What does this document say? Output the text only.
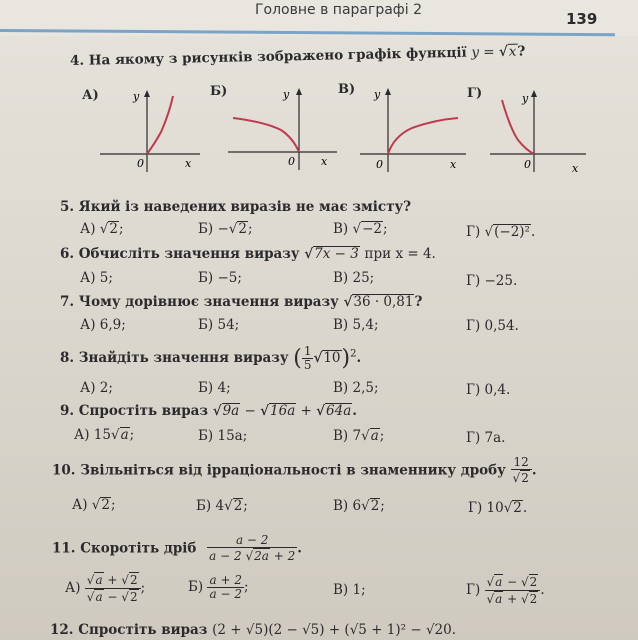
Головне в параграфі 2	139
4. На якому з рисунків зображено графік функції y = √x?
А)	Б)	В)	Г)
y
0	x
y
0 x
y
0	x
y
0	x
5. Який із наведених виразів не має змісту?
А) √2;	Б) −√2;	В) √−2;	Г) √(−2)².
6. Обчисліть значення виразу √7x − 3 при x = 4.
А) 5;	Б) −5;	В) 25;	Г) −25.
7. Чому дорівнює значення виразу √36 · 0,81?
А) 6,9;	Б) 54;	В) 5,4;	Г) 0,54.
8. Знайдіть значення виразу ( $\frac{1}{5} √10)^2$.
А) 2;	Б) 4;	В) 2,5;	Г) 0,4.
9. Спростіть вираз √9a − √16a + √64a.
А) 15√a;	Б) 15a;	В) 7√a;	Г) 7a.
10. Звільніться від ірраціональності в знаменнику дробу $\frac{12}{√2}$ .
А) √2;	Б) 4√2;	В) 6√2;	Г) 10√2.
11. Скоротіть дріб $\frac{a - 2}{a - 2 √2a + 2}$ .
$А) \frac{√a + √2}{√a - √2}$ ;	$Б) \frac{a + 2}{a - 2}$ ;	В) 1;	$Г) \frac{√a - √2}{√a + √2}$ .
12. Спростіть вираз (2 + √5)(2 − √5) + (√5 + 1)² − √20.
